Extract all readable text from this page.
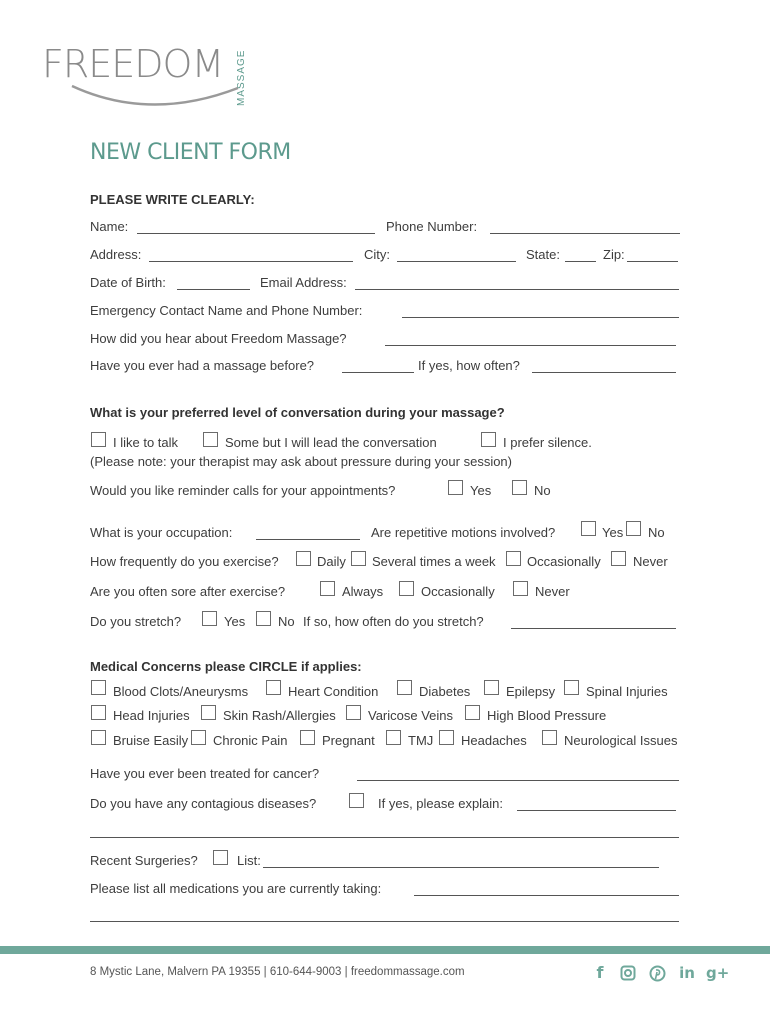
FREEDOM MASSAGE
NEW CLIENT FORM
PLEASE WRITE CLEARLY:
Name:	Phone Number:
Address:	City:	State:	Zip:
Date of Birth:	Email Address:
Emergency Contact Name and Phone Number:
How did you hear about Freedom Massage?
Have you ever had a massage before?	If yes, how often?
What is your preferred level of conversation during your massage?
I like to talk	Some but I will lead the conversation	I prefer silence.
(Please note: your therapist may ask about pressure during your session)
Would you like reminder calls for your appointments?	Yes	No
What is your occupation:	Are repetitive motions involved?	Yes No
How frequently do you exercise?	Daily Several times a week Occasionally Never
Are you often sore after exercise?	Always	Occasionally	Never
Do you stretch?	Yes	No If so, how often do you stretch?
Medical Concerns please CIRCLE if applies:
Blood Clots/Aneurysms	Heart Condition	Diabetes	Epilepsy Spinal Injuries
Head Injuries	Skin Rash/Allergies Varicose Veins	High Blood Pressure
Bruise Easily Chronic Pain	Pregnant	TMJ Headaches	Neurological Issues
Have you ever been treated for cancer?
Do you have any contagious diseases?	If yes, please explain:
Recent Surgeries?	List:
Please list all medications you are currently taking:
8 Mystic Lane, Malvern PA 19355 | 610-644-9003 | freedommassage.com	f	in g+
